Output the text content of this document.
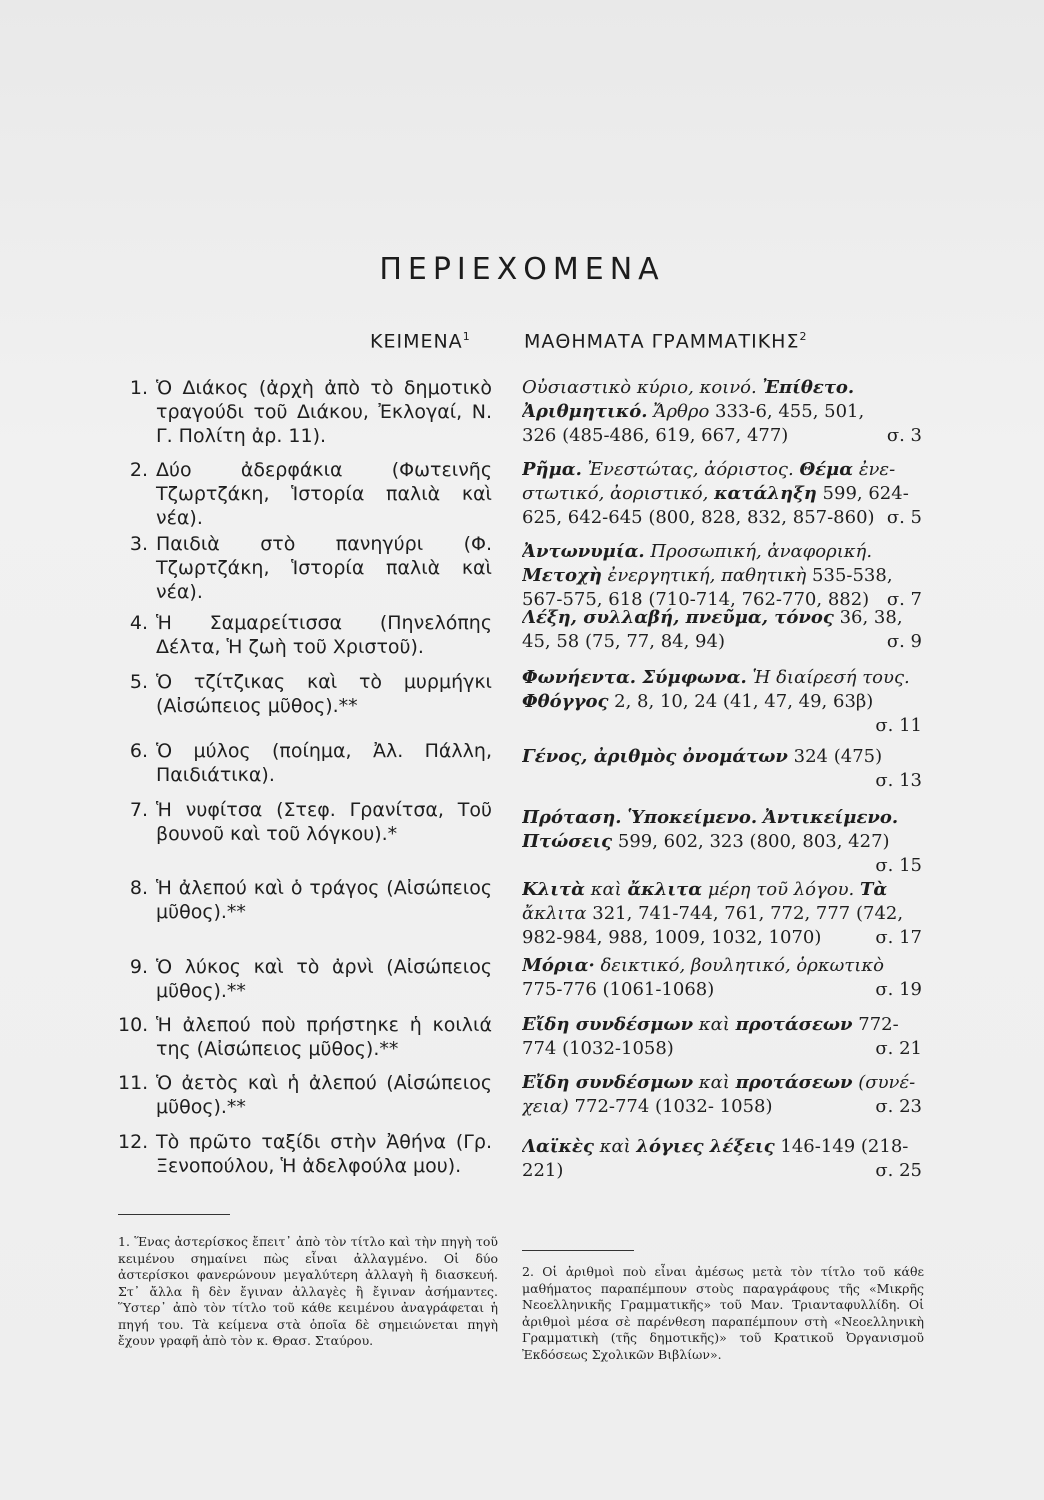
ΠΕΡΙΕΧΟΜΕΝΑ
ΚΕΙΜΕΝΑ$^1$	ΜΑΘΗΜΑΤΑ ΓΡΑΜΜΑΤΙΚΗΣ$^2$
1. Ὁ Διάκος (ἀρχὴ ἀπὸ τὸ δημοτικὸ τραγούδι τοῦ Διάκου, Ἐκλογαί, Ν. Γ. Πολίτη ἀρ. 11).
2. Δύο ἀδερφάκια (Φωτεινῆς Τζωρτζάκη, Ἱστορία παλιὰ καὶ νέα).
3. Παιδιὰ στὸ πανηγύρι (Φ. Τζωρτζάκη, Ἱστορία παλιὰ καὶ νέα).
4. Ἡ Σαμαρείτισσα (Πηνελόπης Δέλτα, Ἡ ζωὴ τοῦ Χριστοῦ).
5. Ὁ τζίτζικας καὶ τὸ μυρμήγκι (Αἰσώπειος μῦθος).**
6. Ὁ μύλος (ποίημα, Ἀλ. Πάλλη, Παιδιάτικα).
7. Ἡ νυφίτσα (Στεφ. Γρανίτσα, Τοῦ βουνοῦ καὶ τοῦ λόγκου).*
8. Ἡ ἀλεπού καὶ ὁ τράγος (Αἰσώπειος μῦθος).**
9. Ὁ λύκος καὶ τὸ ἀρνὶ (Αἰσώπειος μῦθος).**
10. Ἡ ἀλεπού ποὺ πρήστηκε ἡ κοιλιά της (Αἰσώπειος μῦθος).**
11. Ὁ ἀετὸς καὶ ἡ ἀλεπού (Αἰσώπειος μῦθος).**
12. Τὸ πρῶτο ταξίδι στὴν Ἀθήνα (Γρ. Ξενοπούλου, Ἡ ἀδελφούλα μου).
Οὐσιαστικὸ κύριο, κοινό. Ἐπίθετο.
Ἀριθμητικό. Ἄρθρο 333-6, 455, 501,
326 (485-486, 619, 667, 477)	σ. 3
Ρῆμα. Ἐνεστώτας, ἀόριστος. Θέμα ἐνε-
στωτικό, ἀοριστικό, κατάληξη 599, 624-
625, 642-645 (800, 828, 832, 857-860) σ. 5
Ἀντωνυμία. Προσωπική, ἀναφορική.
Μετοχὴ ἐνεργητική, παθητικὴ 535-538,
567-575, 618 (710-714, 762-770, 882) σ. 7
Λέξη, συλλαβή, πνεῦμα, τόνος 36, 38,
45, 58 (75, 77, 84, 94)	σ. 9
Φωνήεντα. Σύμφωνα. Ἡ διαίρεσή τους.
Φθόγγος 2, 8, 10, 24 (41, 47, 49, 63β)
σ. 11
Γένος, ἀριθμὸς ὀνομάτων 324 (475)
σ. 13
Πρόταση. Ὑποκείμενο. Ἀντικείμενο.
Πτώσεις 599, 602, 323 (800, 803, 427)
σ. 15
Κλιτὰ καὶ ἄκλιτα μέρη τοῦ λόγου. Τὰ
ἄκλιτα 321, 741-744, 761, 772, 777 (742,
982-984, 988, 1009, 1032, 1070)	σ. 17
Μόρια· δεικτικό, βουλητικό, ὁρκωτικὸ
775-776 (1061-1068)	σ. 19
Εἴδη συνδέσμων καὶ προτάσεων 772-
774 (1032-1058)	σ. 21
Εἴδη συνδέσμων καὶ προτάσεων (συνέ-
χεια) 772-774 (1032- 1058)	σ. 23
Λαϊκὲς καὶ λόγιες λέξεις 146-149 (218-
221)	σ. 25
1. Ἕνας ἀστερίσκος ἔπειτ᾽ ἀπὸ τὸν τίτλο καὶ τὴν πηγὴ τοῦ κειμένου σημαίνει πὼς εἶναι ἀλλαγμένο. Οἱ δύο ἀστερίσκοι φανερώνουν μεγαλύτερη ἀλλαγὴ ἢ διασκευή. Στ᾽ ἄλλα ἢ δὲν ἔγιναν ἀλλαγὲς ἢ ἔγιναν ἀσήμαντες. Ὕστερ᾽ ἀπὸ τὸν τίτλο τοῦ κάθε κειμένου ἀναγράφεται ἡ πηγή του. Τὰ κείμενα στὰ ὁποῖα δὲ σημειώνεται πηγὴ ἔχουν γραφῆ ἀπὸ τὸν κ. Θρασ. Σταύρου.
2. Οἱ ἀριθμοὶ ποὺ εἶναι ἀμέσως μετὰ τὸν τίτλο τοῦ κάθε μαθήματος παραπέμπουν στοὺς παραγράφους τῆς «Μικρῆς Νεοελληνικῆς Γραμματικῆς» τοῦ Μαν. Τριανταφυλλίδη. Οἱ ἀριθμοὶ μέσα σὲ παρένθεση παραπέμπουν στὴ «Νεοελληνικὴ Γραμματικὴ (τῆς δημοτικῆς)» τοῦ Κρατικοῦ Ὀργανισμοῦ Ἐκδόσεως Σχολικῶν Βιβλίων».
